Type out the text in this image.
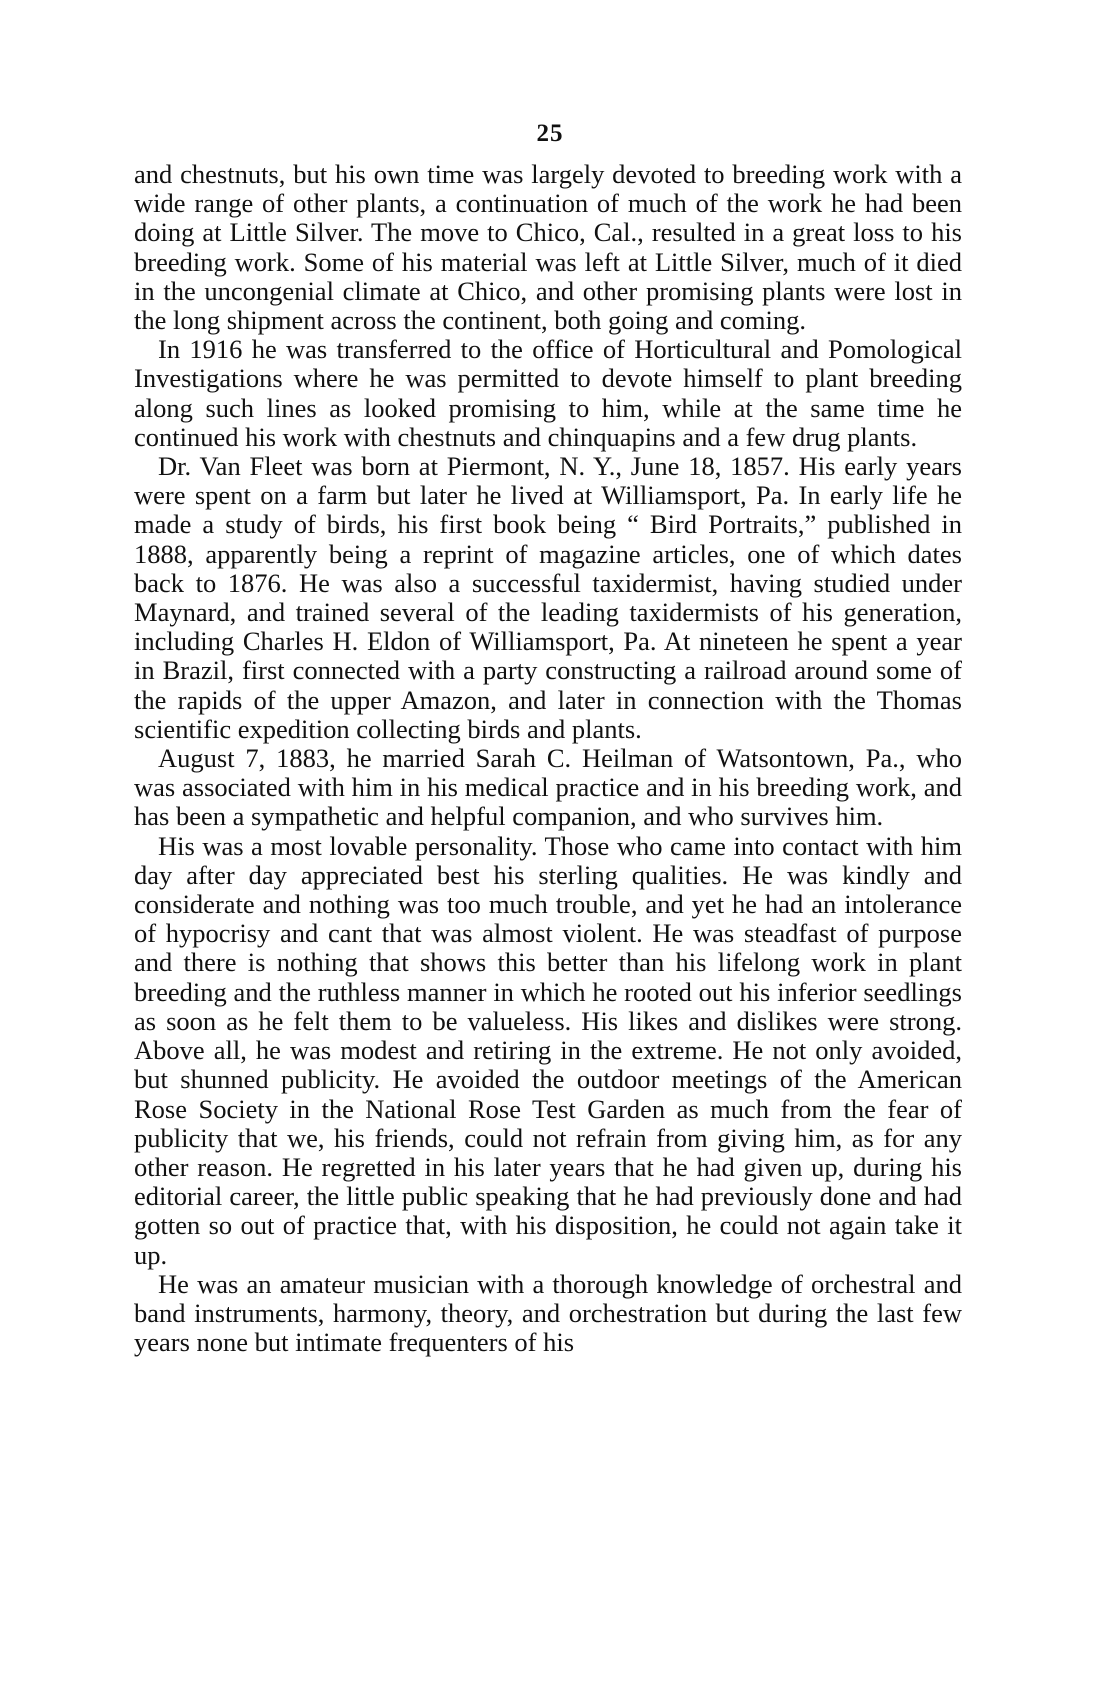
25

and chestnuts, but his own time was largely devoted to breeding work with a wide range of other plants, a continuation of much of the work he had been doing at Little Silver. The move to Chico, Cal., resulted in a great loss to his breeding work. Some of his material was left at Little Silver, much of it died in the uncongenial climate at Chico, and other promising plants were lost in the long shipment across the continent, both going and coming.

In 1916 he was transferred to the office of Horticultural and Pomological Investigations where he was permitted to devote himself to plant breeding along such lines as looked promising to him, while at the same time he continued his work with chestnuts and chinquapins and a few drug plants.

Dr. Van Fleet was born at Piermont, N. Y., June 18, 1857. His early years were spent on a farm but later he lived at Williamsport, Pa. In early life he made a study of birds, his first book being “ Bird Portraits,” published in 1888, apparently being a reprint of magazine articles, one of which dates back to 1876. He was also a successful taxidermist, having studied under Maynard, and trained several of the leading taxidermists of his generation, including Charles H. Eldon of Williamsport, Pa. At nineteen he spent a year in Brazil, first connected with a party constructing a railroad around some of the rapids of the upper Amazon, and later in connection with the Thomas scientific expedition collecting birds and plants.

August 7, 1883, he married Sarah C. Heilman of Watsontown, Pa., who was associated with him in his medical practice and in his breeding work, and has been a sympathetic and helpful companion, and who survives him.

His was a most lovable personality. Those who came into contact with him day after day appreciated best his sterling qualities. He was kindly and considerate and nothing was too much trouble, and yet he had an intolerance of hypocrisy and cant that was almost violent. He was steadfast of purpose and there is nothing that shows this better than his lifelong work in plant breeding and the ruthless manner in which he rooted out his inferior seedlings as soon as he felt them to be valueless. His likes and dislikes were strong. Above all, he was modest and retiring in the extreme. He not only avoided, but shunned publicity. He avoided the outdoor meetings of the American Rose Society in the National Rose Test Garden as much from the fear of publicity that we, his friends, could not refrain from giving him, as for any other reason. He regretted in his later years that he had given up, during his editorial career, the little public speaking that he had previously done and had gotten so out of practice that, with his disposition, he could not again take it up.

He was an amateur musician with a thorough knowledge of orchestral and band instruments, harmony, theory, and orchestration but during the last few years none but intimate frequenters of his
